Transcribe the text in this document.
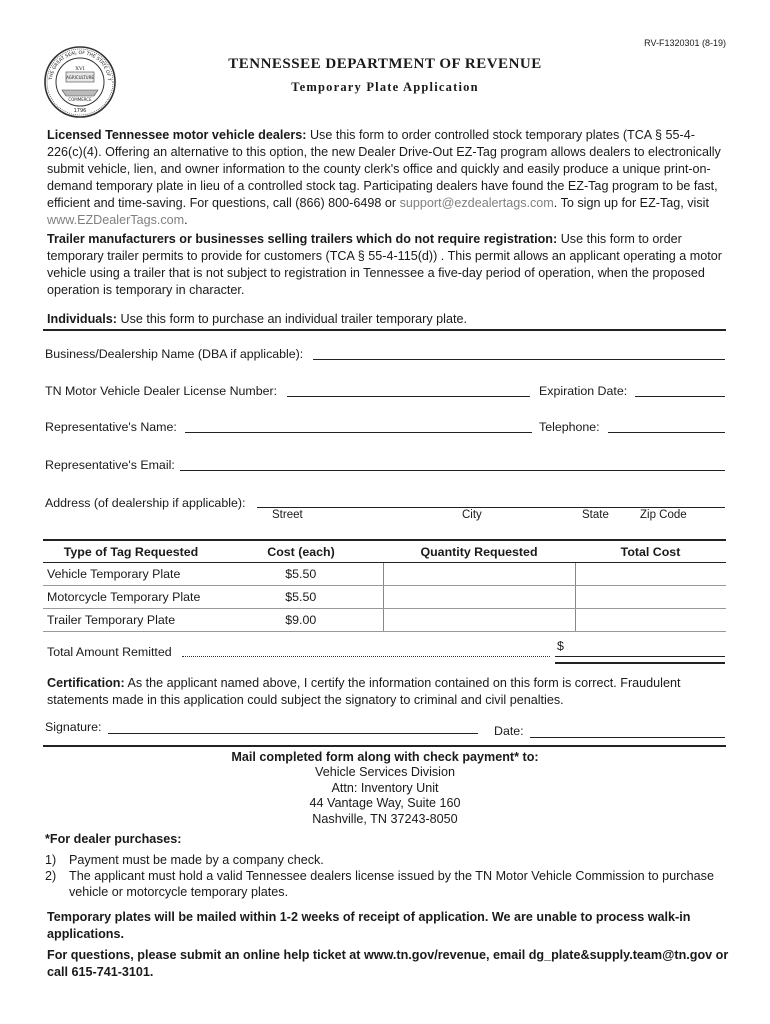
THE GREAT SEAL OF THE STATE OF T
XVI
AGRICULTURE
COMMERCE
1796
RV-F1320301 (8-19)
TENNESSEE DEPARTMENT OF REVENUE
Temporary Plate Application

Licensed Tennessee motor vehicle dealers: Use this form to order controlled stock temporary plates (TCA § 55-4-226(c)(4). Offering an alternative to this option, the new Dealer Drive-Out EZ-Tag program allows dealers to electronically submit vehicle, lien, and owner information to the county clerk's office and quickly and easily produce a unique print-on-demand temporary plate in lieu of a controlled stock tag. Participating dealers have found the EZ-Tag program to be fast, efficient and time-saving. For questions, call (866) 800-6498 or support@ezdealertags.com. To sign up for EZ-Tag, visit www.EZDealerTags.com.

Trailer manufacturers or businesses selling trailers which do not require registration: Use this form to order temporary trailer permits to provide for customers (TCA § 55-4-115(d)) . This permit allows an applicant operating a motor vehicle using a trailer that is not subject to registration in Tennessee a five-day period of operation, when the proposed operation is temporary in character.

Individuals: Use this form to purchase an individual trailer temporary plate.

Business/Dealership Name (DBA if applicable):
TN Motor Vehicle Dealer License Number:	Expiration Date:
Representative's Name:	Telephone:
Representative's Email:
Address (of dealership if applicable):
Street	City	State	Zip Code
Type of Tag Requested	Cost (each)	Quantity Requested	Total Cost
Vehicle Temporary Plate	$5.50		
Motorcycle Temporary Plate	$5.50		
Trailer Temporary Plate	$9.00		
Total Amount Remitted	$

Certification: As the applicant named above, I certify the information contained on this form is correct. Fraudulent statements made in this application could subject the signatory to criminal and civil penalties.

Signature:	Date:
Mail completed form along with check payment* to:
Vehicle Services Division
Attn: Inventory Unit
44 Vantage Way, Suite 160
Nashville, TN 37243-8050
*For dealer purchases:
1)	Payment must be made by a company check.
2)	The applicant must hold a valid Tennessee dealers license issued by the TN Motor Vehicle Commission to purchase vehicle or motorcycle temporary plates.

Temporary plates will be mailed within 1-2 weeks of receipt of application. We are unable to process walk-in applications.

For questions, please submit an online help ticket at www.tn.gov/revenue, email dg_plate&supply.team@tn.gov or call 615-741-3101.
